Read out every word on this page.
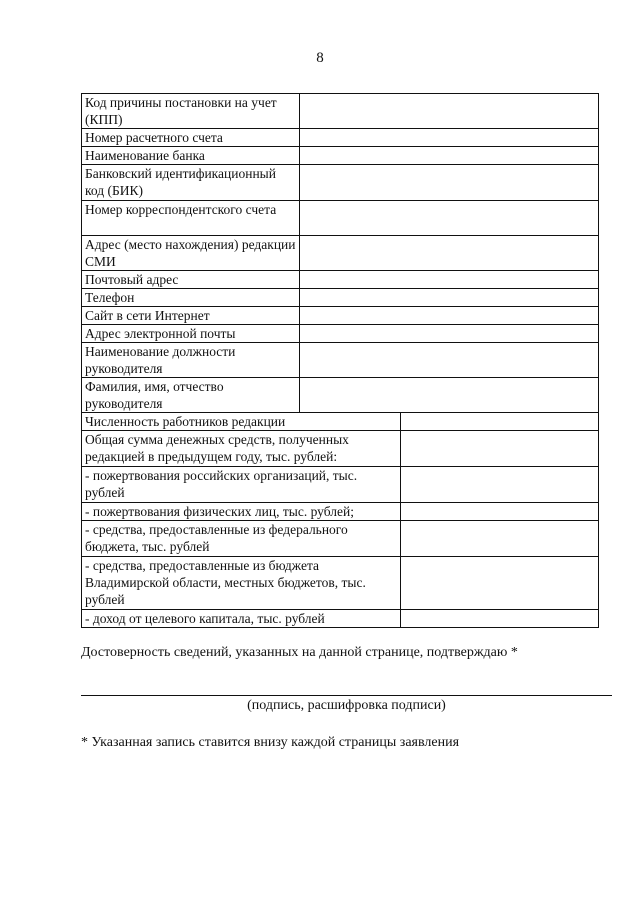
8
Код причины постановки на учет (КПП)		
Номер расчетного счета		
Наименование банка		
Банковский идентификационный код (БИК)		
Номер корреспондентского счета		
Адрес (место нахождения) редакции СМИ		
Почтовый адрес		
Телефон		
Сайт в сети Интернет		
Адрес электронной почты		
Наименование должности руководителя		
Фамилия, имя, отчество руководителя		
Численность работников редакции		
Общая сумма денежных средств, полученных редакцией в предыдущем году, тыс. рублей:		
- пожертвования российских организаций, тыс. рублей		
- пожертвования физических лиц, тыс. рублей;		
- средства, предоставленные из федерального бюджета, тыс. рублей		
- средства, предоставленные из бюджета Владимирской области, местных бюджетов, тыс. рублей		
- доход от целевого капитала, тыс. рублей		
Достоверность сведений, указанных на данной странице, подтверждаю *
(подпись, расшифровка подписи)
* Указанная запись ставится внизу каждой страницы заявления
